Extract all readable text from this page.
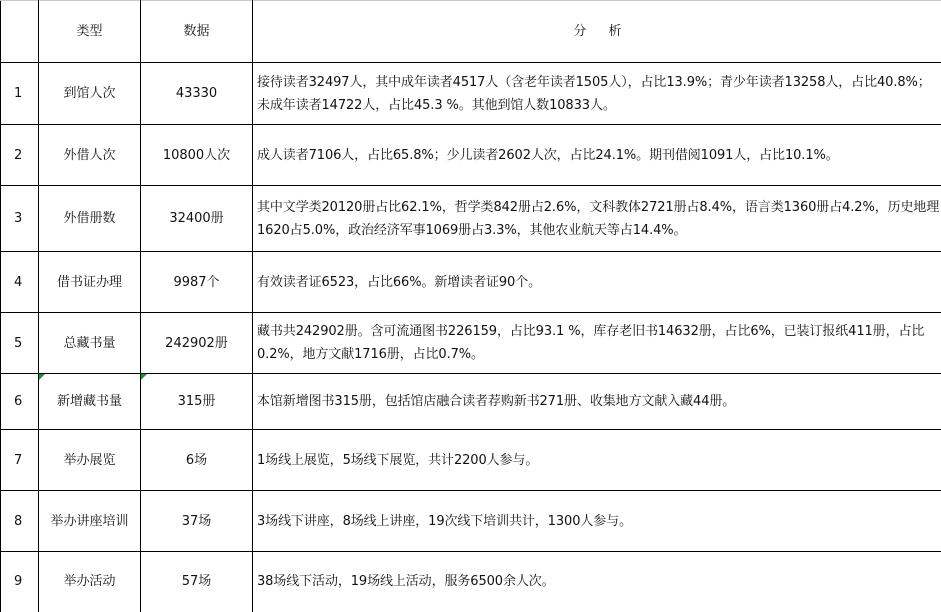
	类型	数据	分 析
1	到馆人次	43330	接待读者32497人，其中成年读者4517人（含老年读者1505人），占比13.9%；青少年读者13258人，占比40.8%；未成年读者14722人，占比45.3 %。其他到馆人数10833人。
2	外借人次	10800人次	成人读者7106人，占比65.8%；少儿读者2602人次，占比24.1%。期刊借阅1091人，占比10.1%。
3	外借册数	32400册	其中文学类20120册占比62.1%，哲学类842册占2.6%，文科教体2721册占8.4%，语言类1360册占4.2%，历史地理1620占5.0%，政治经济军事1069册占3.3%，其他农业航天等占14.4%。
4	借书证办理	9987个	有效读者证6523，占比66%。新增读者证90个。
5	总藏书量	242902册	藏书共242902册。含可流通图书226159，占比93.1 %，库存老旧书14632册，占比6%，已装订报纸411册，占比0.2%，地方文献1716册，占比0.7%。
6	新增藏书量	315册	本馆新增图书315册，包括馆店融合读者荐购新书271册、收集地方文献入藏44册。
7	举办展览	6场	1场线上展览，5场线下展览，共计2200人参与。
8	举办讲座培训	37场	3场线下讲座，8场线上讲座，19次线下培训共计，1300人参与。
9	举办活动	57场	38场线下活动，19场线上活动，服务6500余人次。
